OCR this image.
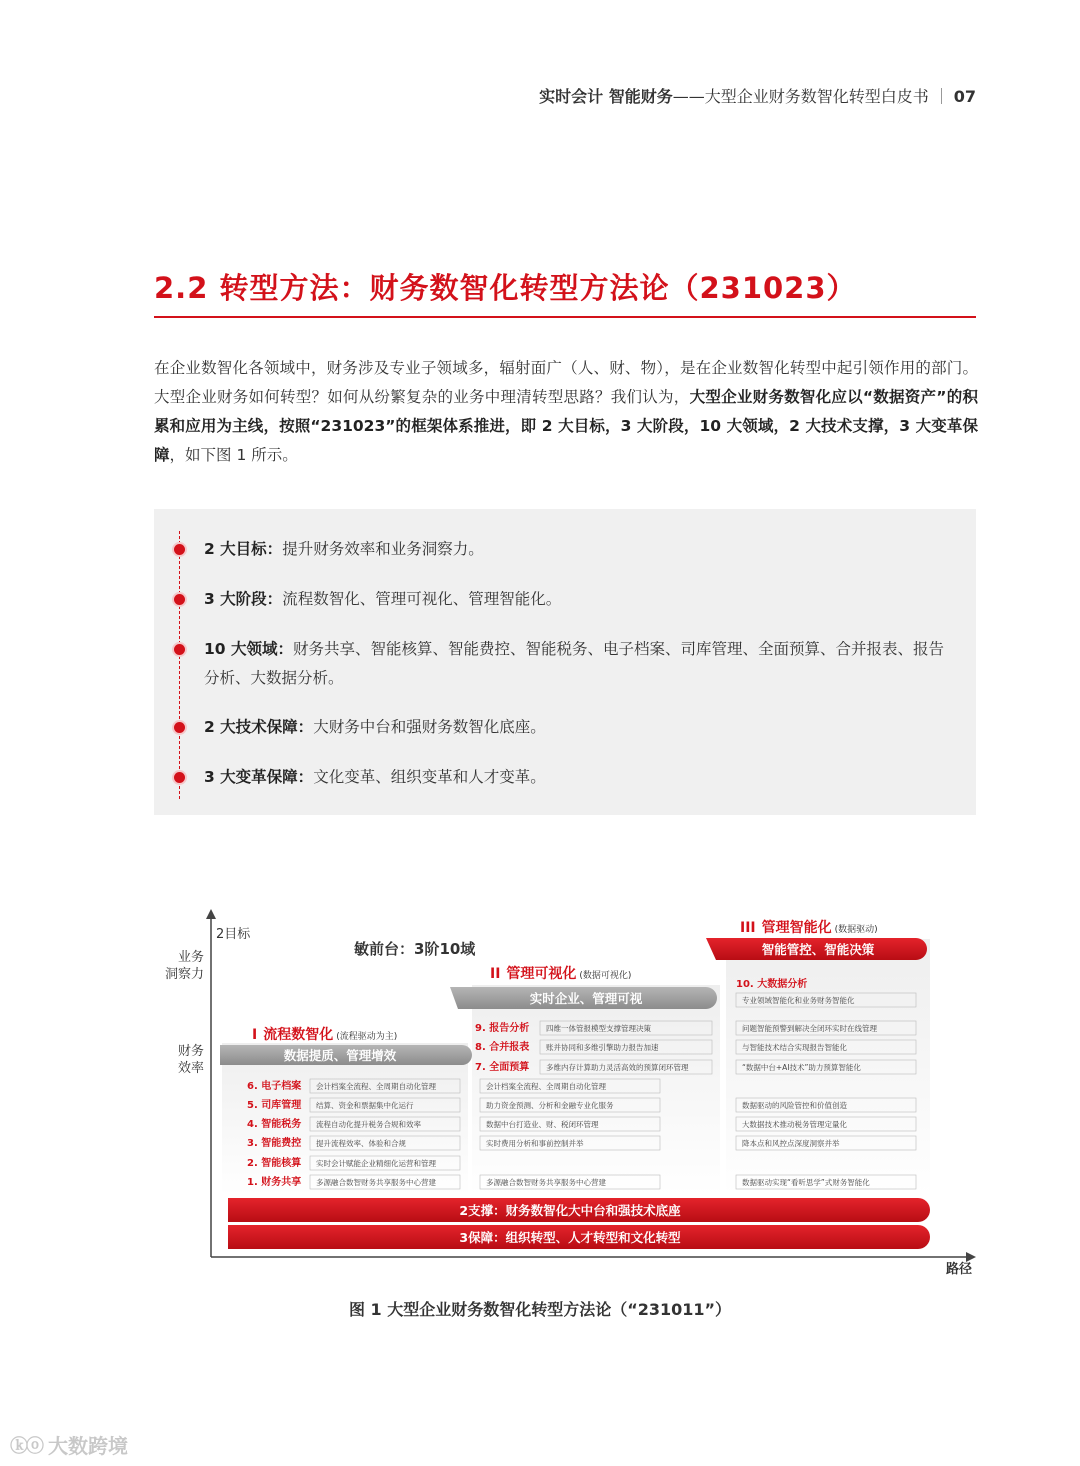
实时会计 智能财务——大型企业财务数智化转型白皮书 07
2.2 转型方法：财务数智化转型方法论（231023）

在企业数智化各领域中，财务涉及专业子领域多，辐射面广（人、财、物），是在企业数智化转型中起引领作用的部门。大型企业财务如何转型？如何从纷繁复杂的业务中理清转型思路？我们认为，大型企业财务数智化应以“数据资产”的积累和应用为主线，按照“231023”的框架体系推进，即 2 大目标，3 大阶段，10 大领域，2 大技术支撑，3 大变革保障，如下图 1 所示。

2 大目标：提升财务效率和业务洞察力。
3 大阶段：流程数智化、管理可视化、管理智能化。
10 大领域：财务共享、智能核算、智能费控、智能税务、电子档案、司库管理、全面预算、合并报表、报告分析、大数据分析。
2 大技术保障：大财务中台和强财务数智化底座。
3 大变革保障：文化变革、组织变革和人才变革。
2目标
路径
业务
洞察力
财务
效率
敏前台：3阶10域
I 流程数智化 (流程驱动为主)
数据提质、管理增效
II 管理可视化 (数据可视化)
实时企业、管理可视
III 管理智能化 (数据驱动)
智能管控、智能决策
6. 电子档案 会计档案全流程、全周期自动化管理
5. 司库管理 结算、资金和票据集中化运行
4. 智能税务 流程自动化提升税务合规和效率
3. 智能费控 提升流程效率、体验和合规
2. 智能核算 实时会计赋能企业精细化运营和管理
1. 财务共享 多源融合数智财务共享服务中心营建
9. 报告分析 四维一体管报模型支撑管理决策
8. 合并报表 账并协同和多维引擎助力报告加速
7. 全面预算 多维内存计算助力灵活高效的预算闭环管理
会计档案全流程、全周期自动化管理
助力资金预测、分析和金融专业化服务
数据中台打造业、财、税闭环管理
实时费用分析和事前控制并举
多源融合数智财务共享服务中心营建
10. 大数据分析
专业领域智能化和业务财务智能化
问题智能预警到解决全闭环实时在线管理
与智能技术结合实现报告智能化
“数据中台+AI技术”助力预算智能化
数据驱动的风险管控和价值创造
大数据技术推动税务管理定量化
降本点和风控点深度洞察并举
数据驱动实现“看听思学”式财务智能化
2支撑：财务数智化大中台和强技术底座
3保障：组织转型、人才转型和文化转型
图 1 大型企业财务数智化转型方法论（“231011”）
ⓚⓞ 大数跨境
